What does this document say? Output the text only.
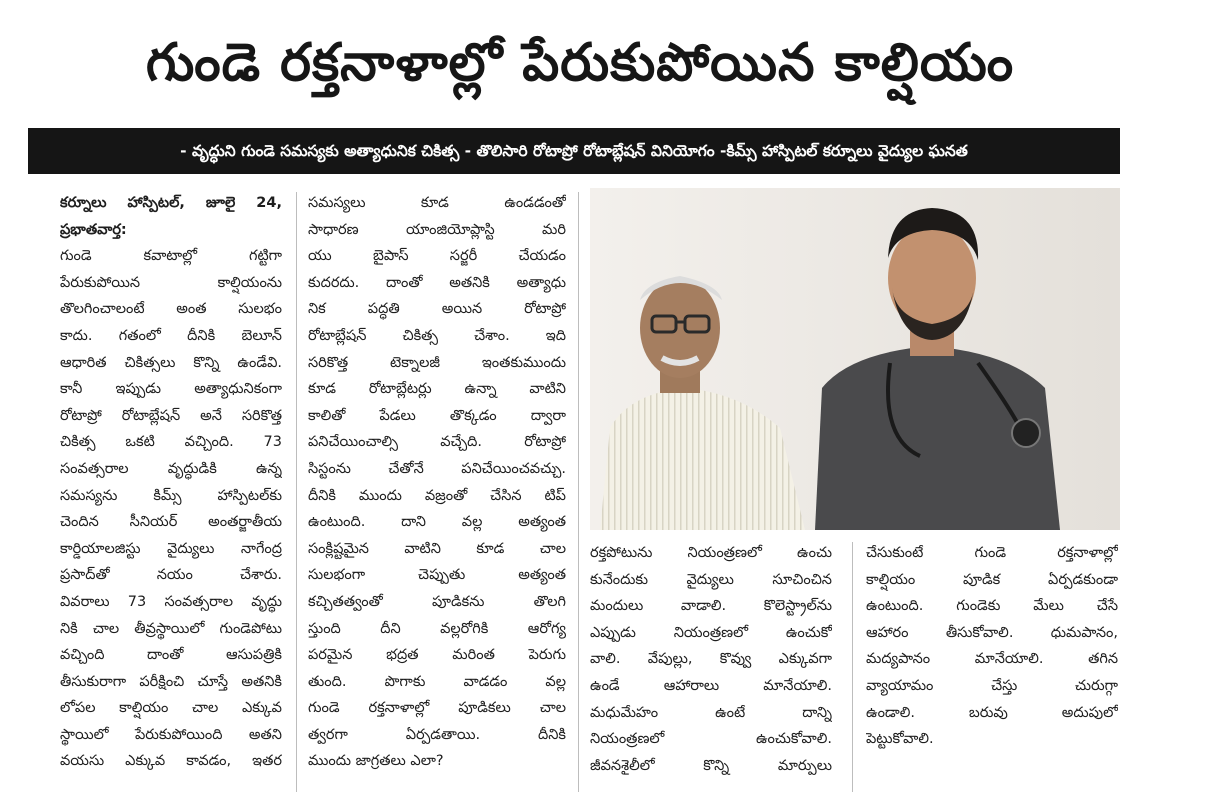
గుండె రక్తనాళాల్లో పేరుకుపోయిన కాల్షియం
- వృద్ధుని గుండె సమస్యకు అత్యాధునిక చికిత్స - తొలిసారి రోటాప్రో రోటాబ్లేషన్ వినియోగం -కిమ్స్ హాస్పిటల్ కర్నూలు వైద్యుల ఘనత
కర్నూలు హాస్పిటల్, జూలై 24,
ప్రభాతవార్త:
గుండె కవాటాల్లో గట్టిగా
పేరుకుపోయిన కాల్షియంను
తొలగించాలంటే అంత సులభం
కాదు. గతంలో దీనికి బెలూన్
ఆధారిత చికిత్సలు కొన్ని ఉండేవి.
కానీ ఇప్పుడు అత్యాధునికంగా
రోటాప్రో రోటాబ్లేషన్ అనే సరికొత్త
చికిత్స ఒకటి వచ్చింది. 73
సంవత్సరాల వృద్ధుడికి ఉన్న
సమస్యను కిమ్స్ హాస్పిటల్‌కు
చెందిన సీనియర్ అంతర్జాతీయ
కార్డియాలజిస్టు వైద్యులు నాగేంద్ర
ప్రసాద్‌తో నయం చేశారు.
వివరాలు 73 సంవత్సరాల వృద్ధు
నికి చాల తీవ్రస్థాయిలో గుండెపోటు
వచ్చింది దాంతో ఆసుపత్రికి
తీసుకురాగా పరీక్షించి చూస్తే అతనికి
లోపల కాల్షియం చాల ఎక్కువ
స్థాయిలో పేరుకుపోయింది అతని
వయసు ఎక్కువ కావడం, ఇతర
సమస్యలు కూడ ఉండడంతో
సాధారణ యాంజియోప్లాస్టి మరి
యు బైపాస్ సర్జరీ చేయడం
కుదరదు. దాంతో అతనికి అత్యాధు
నిక పద్ధతి అయిన రోటాప్రో
రోటాబ్లేషన్ చికిత్స చేశాం. ఇది
సరికొత్త టెక్నాలజీ ఇంతకుముందు
కూడ రోటాబ్లేటర్లు ఉన్నా వాటిని
కాలితో పేడలు తొక్కడం ద్వారా
పనిచేయించాల్సి వచ్చేది. రోటాప్రో
సిస్టంను చేతోనే పనిచేయించవచ్చు.
దీనికి ముందు వజ్రంతో చేసిన టిప్
ఉంటుంది. దాని వల్ల అత్యంత
సంక్లిష్టమైన వాటిని కూడ చాల
సులభంగా చెప్పుతు అత్యంత
కచ్చితత్వంతో పూడికను తొలగి
స్తుంది దీని వల్లరోగికి ఆరోగ్య
పరమైన భద్రత మరింత పెరుగు
తుంది. పొగాకు వాడడం వల్ల
గుండె రక్తనాళాల్లో పూడికలు చాల
త్వరగా ఏర్పడతాయి. దీనికి
ముందు జాగ్రతలు ఎలా?
రక్తపోటును నియంత్రణలో ఉంచు
కునేందుకు వైద్యులు సూచించిన
మందులు వాడాలి. కొలెస్ట్రాల్‌ను
ఎప్పుడు నియంత్రణలో ఉంచుకో
వాలి. వేపుల్లు, కొవ్వు ఎక్కువగా
ఉండే ఆహారాలు మానేయాలి.
మధుమేహం ఉంటే దాన్ని
నియంత్రణలో ఉంచుకోవాలి.
జీవనశైలీలో కొన్ని మార్పులు
చేసుకుంటే గుండె రక్తనాళాల్లో
కాల్షియం పూడిక ఏర్పడకుండా
ఉంటుంది. గుండెకు మేలు చేసే
ఆహారం తీసుకోవాలి. ధుమపానం,
మద్యపానం మానేయాలి. తగిన
వ్యాయామం చేస్తు చురుగ్గా
ఉండాలి. బరువు అదుపులో
పెట్టుకోవాలి.
